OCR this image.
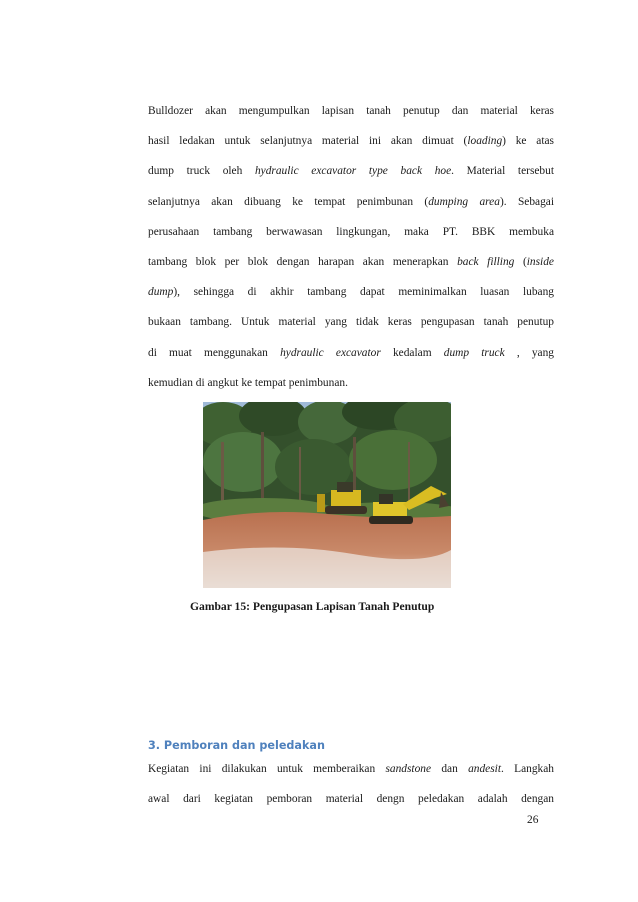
Bulldozer akan mengumpulkan lapisan tanah penutup dan material keras
hasil ledakan untuk selanjutnya material ini akan dimuat (loading) ke atas
dump truck oleh hydraulic excavator type back hoe. Material tersebut
selanjutnya akan dibuang ke tempat penimbunan (dumping area). Sebagai
perusahaan tambang berwawasan lingkungan, maka PT. BBK membuka
tambang blok per blok dengan harapan akan menerapkan back filling (inside
dump), sehingga di akhir tambang dapat meminimalkan luasan lubang
bukaan tambang. Untuk material yang tidak keras pengupasan tanah penutup
di muat menggunakan hydraulic excavator kedalam dump truck , yang
kemudian di angkut ke tempat penimbunan.
Gambar 15: Pengupasan Lapisan Tanah Penutup
3. Pemboran dan peledakan
Kegiatan ini dilakukan untuk memberaikan sandstone dan andesit. Langkah
awal dari kegiatan pemboran material dengn peledakan adalah dengan
26
